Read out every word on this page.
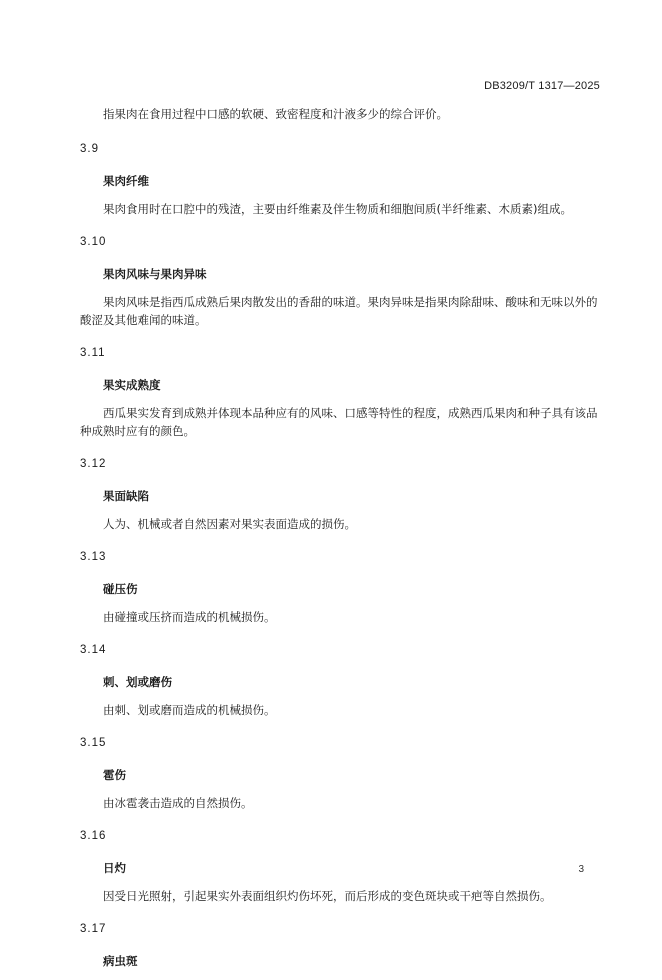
DB3209/T 1317—2025

指果肉在食用过程中口感的软硬、致密程度和汁液多少的综合评价。

3.9

果肉纤维

果肉食用时在口腔中的残渣，主要由纤维素及伴生物质和细胞间质(半纤维素、木质素)组成。

3.10

果肉风味与果肉异味

果肉风味是指西瓜成熟后果肉散发出的香甜的味道。果肉异味是指果肉除甜味、酸味和无味以外的
酸涩及其他难闻的味道。

3.11

果实成熟度

西瓜果实发育到成熟并体现本品种应有的风味、口感等特性的程度，成熟西瓜果肉和种子具有该品
种成熟时应有的颜色。

3.12

果面缺陷

人为、机械或者自然因素对果实表面造成的损伤。

3.13

碰压伤

由碰撞或压挤而造成的机械损伤。

3.14

刺、划或磨伤

由刺、划或磨而造成的机械损伤。

3.15

雹伤

由冰雹袭击造成的自然损伤。

3.16

日灼

因受日光照射，引起果实外表面组织灼伤坏死，而后形成的变色斑块或干疤等自然损伤。

3.17

病虫斑

3
